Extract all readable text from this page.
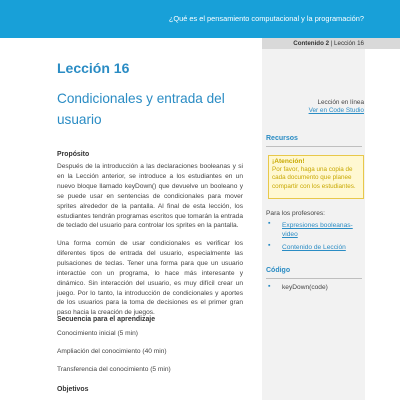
¿Qué es el pensamiento computacional y la programación?
Contenido 2 | Lección 16
Lección 16
Condicionales y entrada del usuario
Propósito
Después de la introducción a las declaraciones booleanas y si en la Lección anterior, se introduce a los estudiantes en un nuevo bloque llamado keyDown() que devuelve un booleano y se puede usar en sentencias de condicionales para mover sprites alrededor de la pantalla. Al final de esta lección, los estudiantes tendrán programas escritos que tomarán la entrada de teclado del usuario para controlar los sprites en la pantalla.
Una forma común de usar condicionales es verificar los diferentes tipos de entrada del usuario, especialmente las pulsaciones de teclas. Tener una forma para que un usuario interactúe con un programa, lo hace más interesante y dinámico. Sin interacción del usuario, es muy difícil crear un juego. Por lo tanto, la introducción de condicionales y aportes de los usuarios para la toma de decisiones es el primer gran paso hacia la creación de juegos.
Secuencia para el aprendizaje
Conocimiento inicial (5 min)
Ampliación del conocimiento (40 min)
Transferencia del conocimiento (5 min)
Objetivos
Lección en línea
Ver en Code Studio
Recursos
¡Atención!
Por favor, haga una copia de cada documento que planee compartir con los estudiantes.
Para los profesores:
▪ Expresiones booleanas- video
▪ Contenido de Lección
Código
▪ keyDown(code)
